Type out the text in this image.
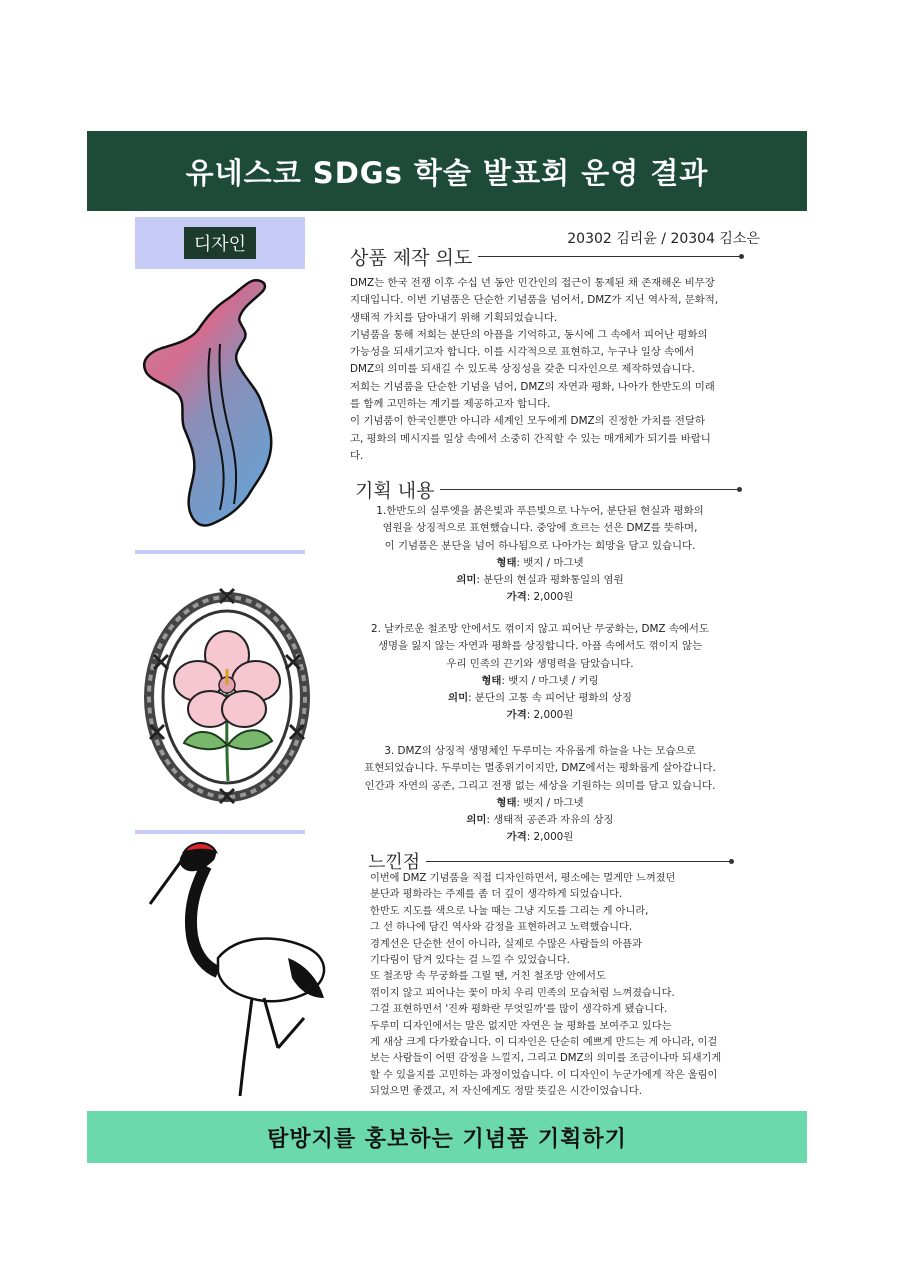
유네스코 SDGs 학술 발표회 운영 결과
디자인	20302 김리윤 / 20304 김소은
상품 제작 의도

DMZ는 한국 전쟁 이후 수십 년 동안 민간인의 접근이 통제된 채 존재해온 비무장

지대입니다. 이번 기념품은 단순한 기념품을 넘어서, DMZ가 지닌 역사적, 문화적,

생태적 가치를 담아내기 위해 기획되었습니다.

기념품을 통해 저희는 분단의 아픔을 기억하고, 동시에 그 속에서 피어난 평화의

가능성을 되새기고자 합니다. 이를 시각적으로 표현하고, 누구나 일상 속에서

DMZ의 의미를 되새길 수 있도록 상징성을 갖춘 디자인으로 제작하였습니다.

저희는 기념품을 단순한 기념을 넘어, DMZ의 자연과 평화, 나아가 한반도의 미래

를 함께 고민하는 계기를 제공하고자 합니다.

이 기념품이 한국인뿐만 아니라 세계인 모두에게 DMZ의 진정한 가치를 전달하

고, 평화의 메시지를 일상 속에서 소중히 간직할 수 있는 매개체가 되기를 바랍니

다.

기획 내용

1.한반도의 실루엣을 붉은빛과 푸른빛으로 나누어, 분단된 현실과 평화의

염원을 상징적으로 표현했습니다. 중앙에 흐르는 선은 DMZ를 뜻하며,

이 기념품은 분단을 넘어 하나됨으로 나아가는 희망을 담고 있습니다.

형태: 뱃지 / 마그넷

의미: 분단의 현실과 평화통일의 염원

가격: 2,000원

2. 날카로운 철조망 안에서도 꺾이지 않고 피어난 무궁화는, DMZ 속에서도

생명을 잃지 않는 자연과 평화를 상징합니다. 아픔 속에서도 꺾이지 않는

우리 민족의 끈기와 생명력을 담았습니다.

형태: 뱃지 / 마그넷 / 키링

의미: 분단의 고통 속 피어난 평화의 상징

가격: 2,000원

3. DMZ의 상징적 생명체인 두루미는 자유롭게 하늘을 나는 모습으로

표현되었습니다. 두루미는 멸종위기이지만, DMZ에서는 평화롭게 살아갑니다.

인간과 자연의 공존, 그리고 전쟁 없는 세상을 기원하는 의미를 담고 있습니다.

형태: 뱃지 / 마그넷

의미: 생태적 공존과 자유의 상징

가격: 2,000원

느낀점

이번에 DMZ 기념품을 직접 디자인하면서, 평소에는 멀게만 느껴졌던

분단과 평화라는 주제를 좀 더 깊이 생각하게 되었습니다.

한반도 지도를 색으로 나눌 때는 그냥 지도를 그리는 게 아니라,

그 선 하나에 담긴 역사와 감정을 표현하려고 노력했습니다.

경계선은 단순한 선이 아니라, 실제로 수많은 사람들의 아픔과

기다림이 담겨 있다는 걸 느낄 수 있었습니다.

또 철조망 속 무궁화를 그릴 땐, 거친 철조망 안에서도

꺾이지 않고 피어나는 꽃이 마치 우리 민족의 모습처럼 느껴졌습니다.

그걸 표현하면서 '진짜 평화란 무엇일까'를 많이 생각하게 됐습니다.

두루미 디자인에서는 말은 없지만 자연은 늘 평화를 보여주고 있다는

게 새삼 크게 다가왔습니다. 이 디자인은 단순히 예쁘게 만드는 게 아니라, 이걸

보는 사람들이 어떤 감정을 느낄지, 그리고 DMZ의 의미를 조금이나마 되새기게

할 수 있을지를 고민하는 과정이었습니다. 이 디자인이 누군가에게 작은 울림이

되었으면 좋겠고, 저 자신에게도 정말 뜻깊은 시간이었습니다.

탐방지를 홍보하는 기념품 기획하기
